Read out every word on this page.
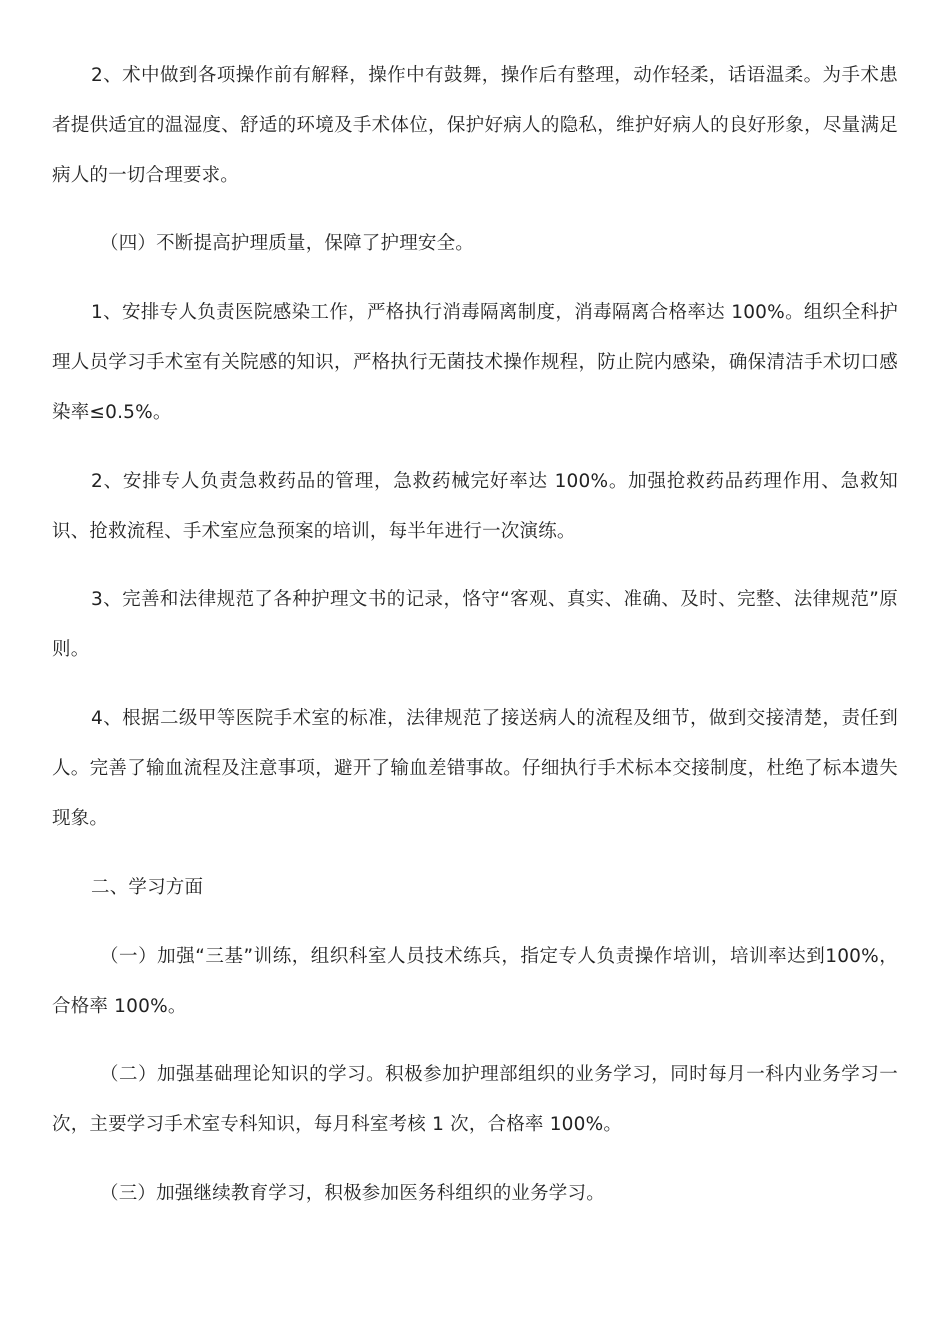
2、术中做到各项操作前有解释，操作中有鼓舞，操作后有整理，动作轻柔，话语温柔。为手术患者提供适宜的温湿度、舒适的环境及手术体位，保护好病人的隐私，维护好病人的良好形象，尽量满足病人的一切合理要求。

（四）不断提高护理质量，保障了护理安全。

1、安排专人负责医院感染工作，严格执行消毒隔离制度，消毒隔离合格率达 100%。组织全科护理人员学习手术室有关院感的知识，严格执行无菌技术操作规程，防止院内感染，确保清洁手术切口感染率≤0.5%。

2、安排专人负责急救药品的管理，急救药械完好率达 100%。加强抢救药品药理作用、急救知识、抢救流程、手术室应急预案的培训，每半年进行一次演练。

3、完善和法律规范了各种护理文书的记录，恪守“客观、真实、准确、及时、完整、法律规范”原则。

4、根据二级甲等医院手术室的标准，法律规范了接送病人的流程及细节，做到交接清楚，责任到人。完善了输血流程及注意事项，避开了输血差错事故。仔细执行手术标本交接制度，杜绝了标本遗失现象。

二、学习方面

（一）加强“三基”训练，组织科室人员技术练兵，指定专人负责操作培训，培训率达到100%，合格率 100%。

（二）加强基础理论知识的学习。积极参加护理部组织的业务学习，同时每月一科内业务学习一次，主要学习手术室专科知识，每月科室考核 1 次，合格率 100%。

（三）加强继续教育学习，积极参加医务科组织的业务学习。
